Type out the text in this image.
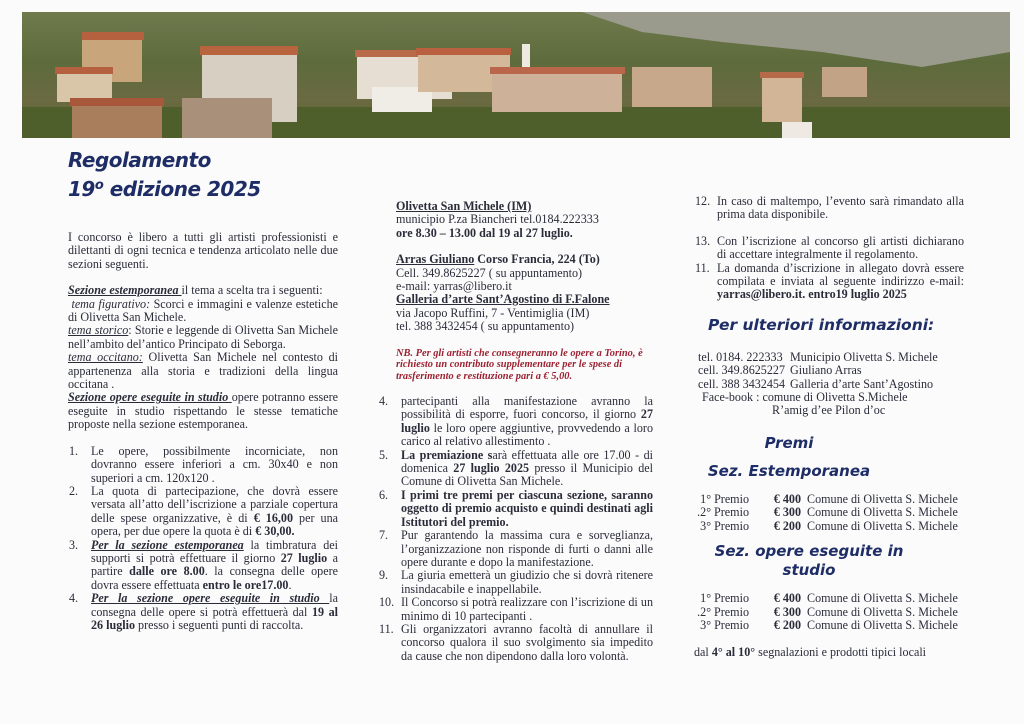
Regolamento
19$^o$ edizione 2025

I concorso è libero a tutti gli artisti professionisti e dilettanti di ogni tecnica e tendenza articolato nelle due sezioni seguenti.

Sezione estemporanea il tema a scelta tra i seguenti:

tema figurativo: Scorci e immagini e valenze estetiche di Olivetta San Michele.

tema storico: Storie e leggende di Olivetta San Michele nell’ambito del’antico Principato di Seborga.

tema occitano: Olivetta San Michele nel contesto di appartenenza alla storia e tradizioni della lingua occitana .

Sezione opere eseguite in studio opere potranno essere eseguite in studio rispettando le stesse tematiche proposte nella sezione estemporanea.

1. Le opere, possibilmente incorniciate, non dovranno essere inferiori a cm. 30x40 e non superiori a cm. 120x120 .
2. La quota di partecipazione, che dovrà essere versata all’atto dell’iscrizione a parziale copertura delle spese organizzative, è di € 16,00 per una opera, per due opere la quota è di € 30,00.
3. Per la sezione estemporanea la timbratura dei supporti si potrà effettuare il giorno 27 luglio a partire dalle ore 8.00. la consegna delle opere dovra essere effettuata entro le ore17.00.
4. Per la sezione opere eseguite in studio la consegna delle opere si potrà effettuerà dal 19 al 26 luglio presso i seguenti punti di raccolta.
Olivetta San Michele (IM)
municipio P.za Biancheri tel.0184.222333
ore 8.30 – 13.00 dal 19 al 27 luglio.
Arras Giuliano Corso Francia, 224 (To)
Cell. 349.8625227 ( su appuntamento)
e-mail: yarras@libero.it
Galleria d’arte Sant’Agostino di F.Falone
via Jacopo Ruffini, 7 - Ventimiglia (IM)
tel. 388 3432454 ( su appuntamento)

NB. Per gli artisti che consegneranno le opere a Torino, è richiesto un contributo supplementare per le spese di trasferimento e restituzione pari a € 5,00.

4. partecipanti alla manifestazione avranno la possibilità di esporre, fuori concorso, il giorno 27 luglio le loro opere aggiuntive, provvedendo a loro carico al relativo allestimento .
5. La premiazione sarà effettuata alle ore 17.00 - di domenica 27 luglio 2025 presso il Municipio del Comune di Olivetta San Michele.
6. I primi tre premi per ciascuna sezione, saranno oggetto di premio acquisto e quindi destinati agli Istitutori del premio.
7. Pur garantendo la massima cura e sorveglianza, l’organizzazione non risponde di furti o danni alle opere durante e dopo la manifestazione.
9. La giuria emetterà un giudizio che si dovrà ritenere insindacabile e inappellabile.
10. Il Concorso si potrà realizzare con l’iscrizione di un minimo di 10 partecipanti .
11. Gli organizzatori avranno facoltà di annullare il concorso qualora il suo svolgimento sia impedito da cause che non dipendono dalla loro volontà.
12. In caso di maltempo, l’evento sarà rimandato alla prima data disponibile.
13. Con l’iscrizione al concorso gli artisti dichiarano di accettare integralmente il regolamento.
11. La domanda d’iscrizione in allegato dovrà essere compilata e inviata al seguente indirizzo e-mail: yarras@libero.it. entro19 luglio 2025
Per ulteriori informazioni:
tel. 0184. 222333 Municipio Olivetta S. Michele
cell. 349.8625227 Giuliano Arras
cell. 388 3432454 Galleria d’arte Sant’Agostino
Face-book : comune di Olivetta S.Michele
R’amig d’ee Pilon d’oc
Premi
Sez. Estemporanea
1° Premio € 400 Comune di Olivetta S. Michele
.2° Premio € 300 Comune di Olivetta S. Michele
3° Premio € 200 Comune di Olivetta S. Michele
Sez. opere eseguite in studio
1° Premio € 400 Comune di Olivetta S. Michele
.2° Premio € 300 Comune di Olivetta S. Michele
3° Premio € 200 Comune di Olivetta S. Michele

dal 4° al 10° segnalazioni e prodotti tipici locali
